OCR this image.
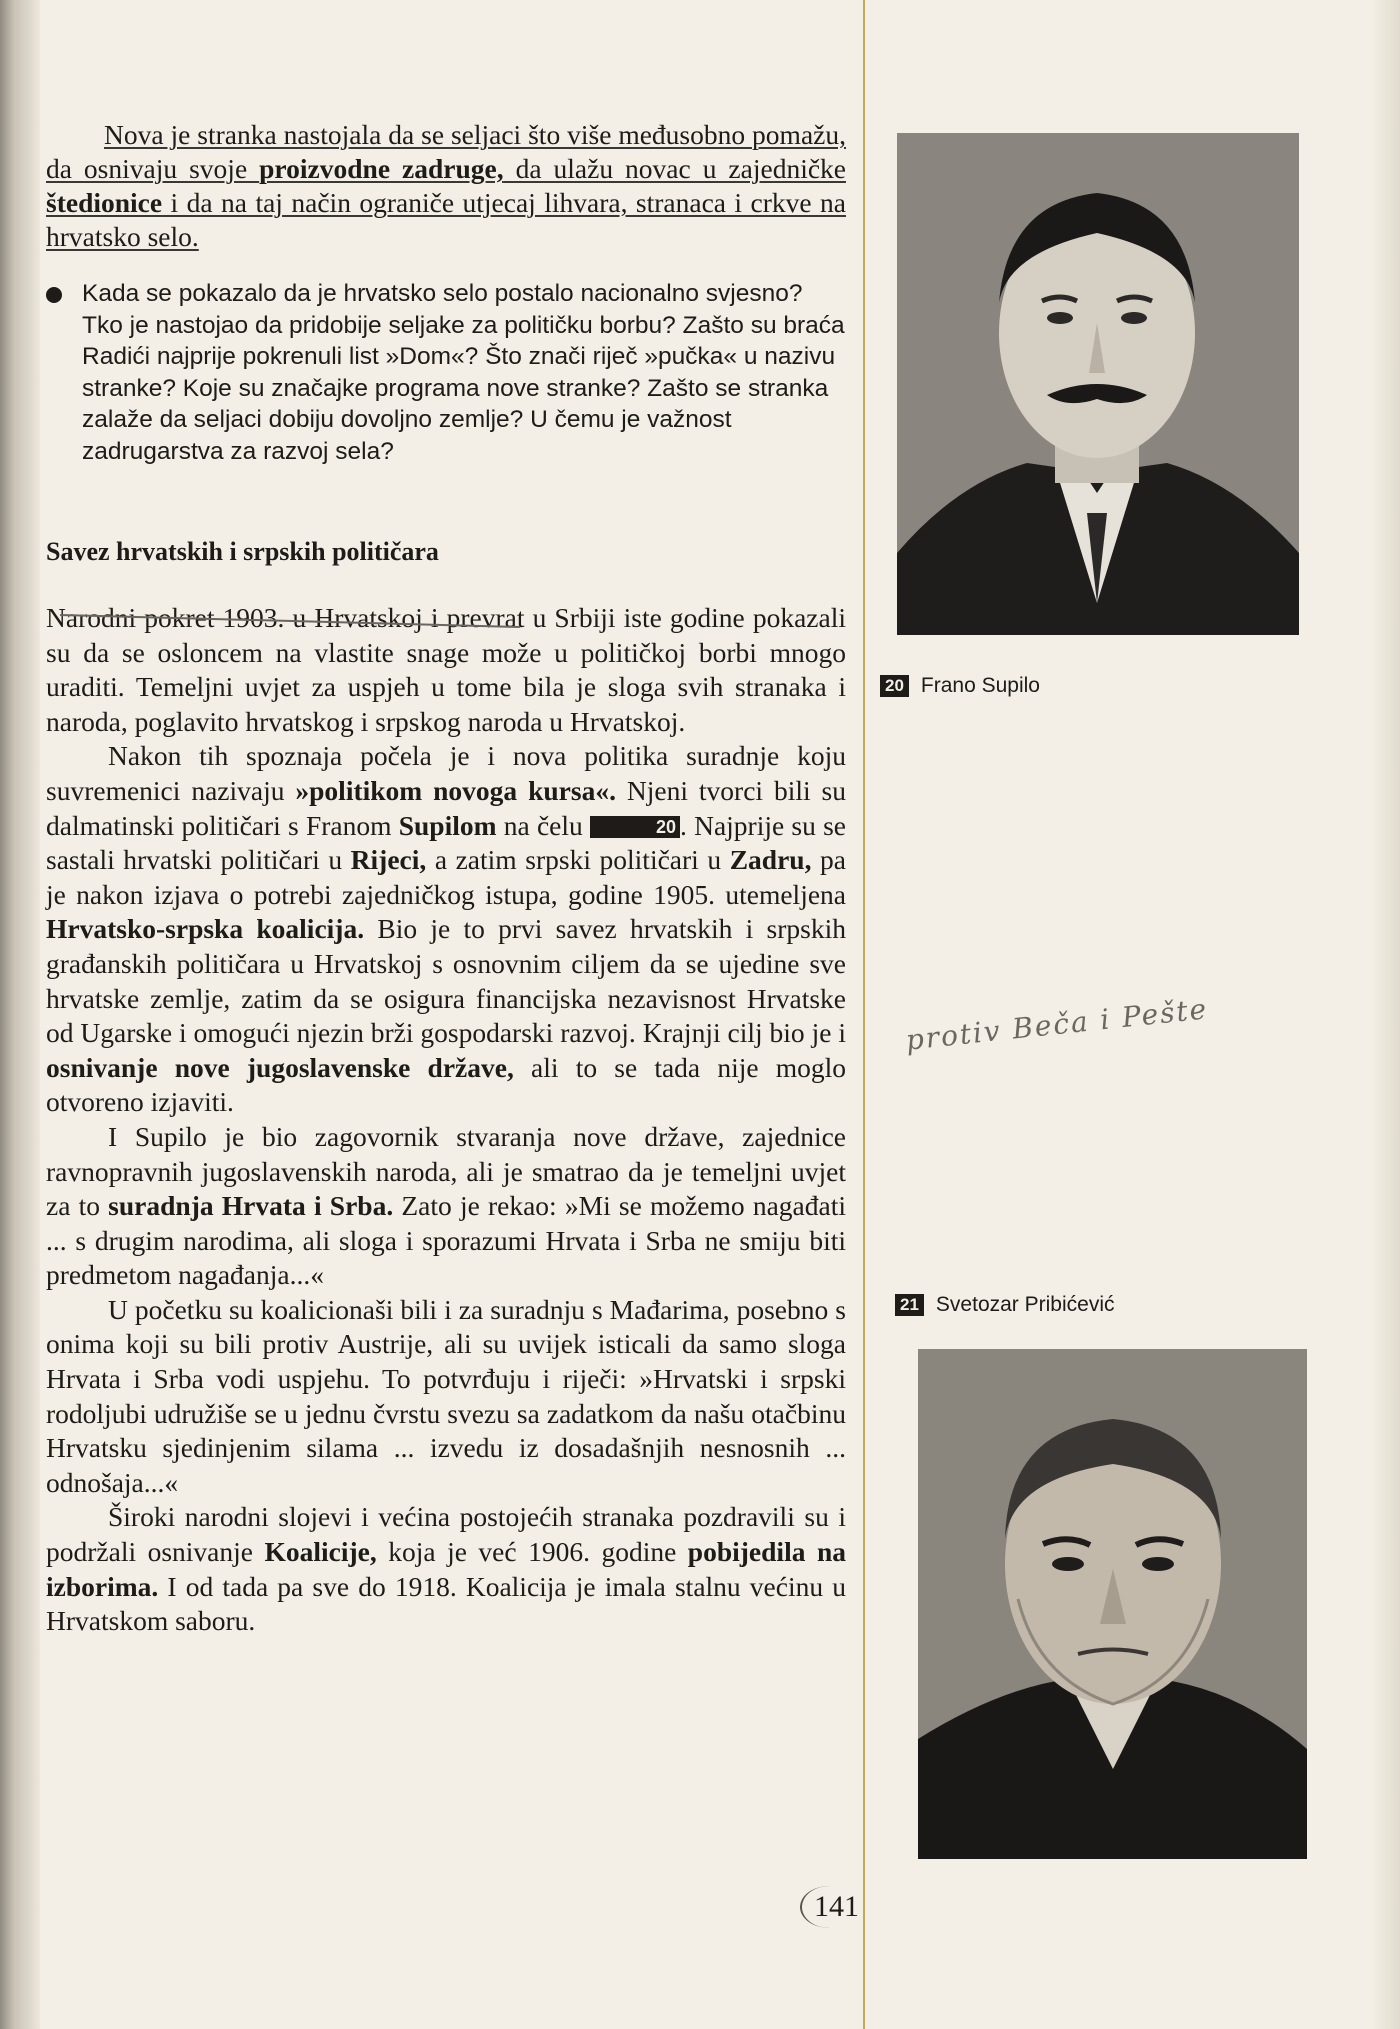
Nova je stranka nastojala da se seljaci što više međusobno pomažu, da osnivaju svoje proizvodne zadruge, da ulažu novac u zajedničke štedionice i da na taj način ograniče utjecaj lihvara, stranaca i crkve na hrvatsko selo.

Kada se pokazalo da je hrvatsko selo postalo nacionalno svjesno? Tko je nastojao da pridobije seljake za političku borbu? Zašto su braća Radići najprije pokrenuli list »Dom«? Što znači riječ »pučka« u nazivu stranke? Koje su značajke programa nove stranke? Zašto se stranka zalaže da seljaci dobiju dovoljno zemlje? U čemu je važnost zadrugarstva za razvoj sela?
Savez hrvatskih i srpskih političara

Narodni pokret 1903. u Hrvatskoj i prevrat u Srbiji iste godine pokazali su da se osloncem na vlastite snage može u političkoj borbi mnogo uraditi. Temeljni uvjet za uspjeh u tome bila je sloga svih stranaka i naroda, poglavito hrvatskog i srpskog naroda u Hrvatskoj.

Nakon tih spoznaja počela je i nova politika suradnje koju suvremenici nazivaju »politikom novoga kursa«. Njeni tvorci bili su dalmatinski političari s Franom Supilom na čelu	20 . Najprije su se sastali hrvatski političari u Rijeci, a zatim srpski političari u Zadru, pa je nakon izjava o potrebi zajedničkog istupa, godine 1905. utemeljena Hrvatsko-srpska koalicija. Bio je to prvi savez hrvatskih i srpskih građanskih političara u Hrvatskoj s osnovnim ciljem da se ujedine sve hrvatske zemlje, zatim da se osigura financijska nezavisnost Hrvatske od Ugarske i omogući njezin brži gospodarski razvoj. Krajnji cilj bio je i osnivanje nove jugoslavenske države, ali to se tada nije moglo otvoreno izjaviti.

I Supilo je bio zagovornik stvaranja nove države, zajednice ravnopravnih jugoslavenskih naroda, ali je smatrao da je temeljni uvjet za to suradnja Hrvata i Srba. Zato je rekao: »Mi se možemo nagađati ... s drugim narodima, ali sloga i sporazumi Hrvata i Srba ne smiju biti predmetom nagađanja...«

U početku su koalicionaši bili i za suradnju s Mađarima, posebno s onima koji su bili protiv Austrije, ali su uvijek isticali da samo sloga Hrvata i Srba vodi uspjehu. To potvrđuju i riječi: »Hrvatski i srpski rodoljubi udružiše se u jednu čvrstu svezu sa zadatkom da našu otačbinu Hrvatsku sjedinjenim silama ... izvedu iz dosadašnjih nesnosnih ... odnošaja...«

Široki narodni slojevi i većina postojećih stranaka pozdravili su i podržali osnivanje Koalicije, koja je već 1906. godine pobijedila na izborima. I od tada pa sve do 1918. Koalicija je imala stalnu većinu u Hrvatskom saboru.

141
20 Frano Supilo
21 Svetozar Pribićević
protiv Beča i Pešte
